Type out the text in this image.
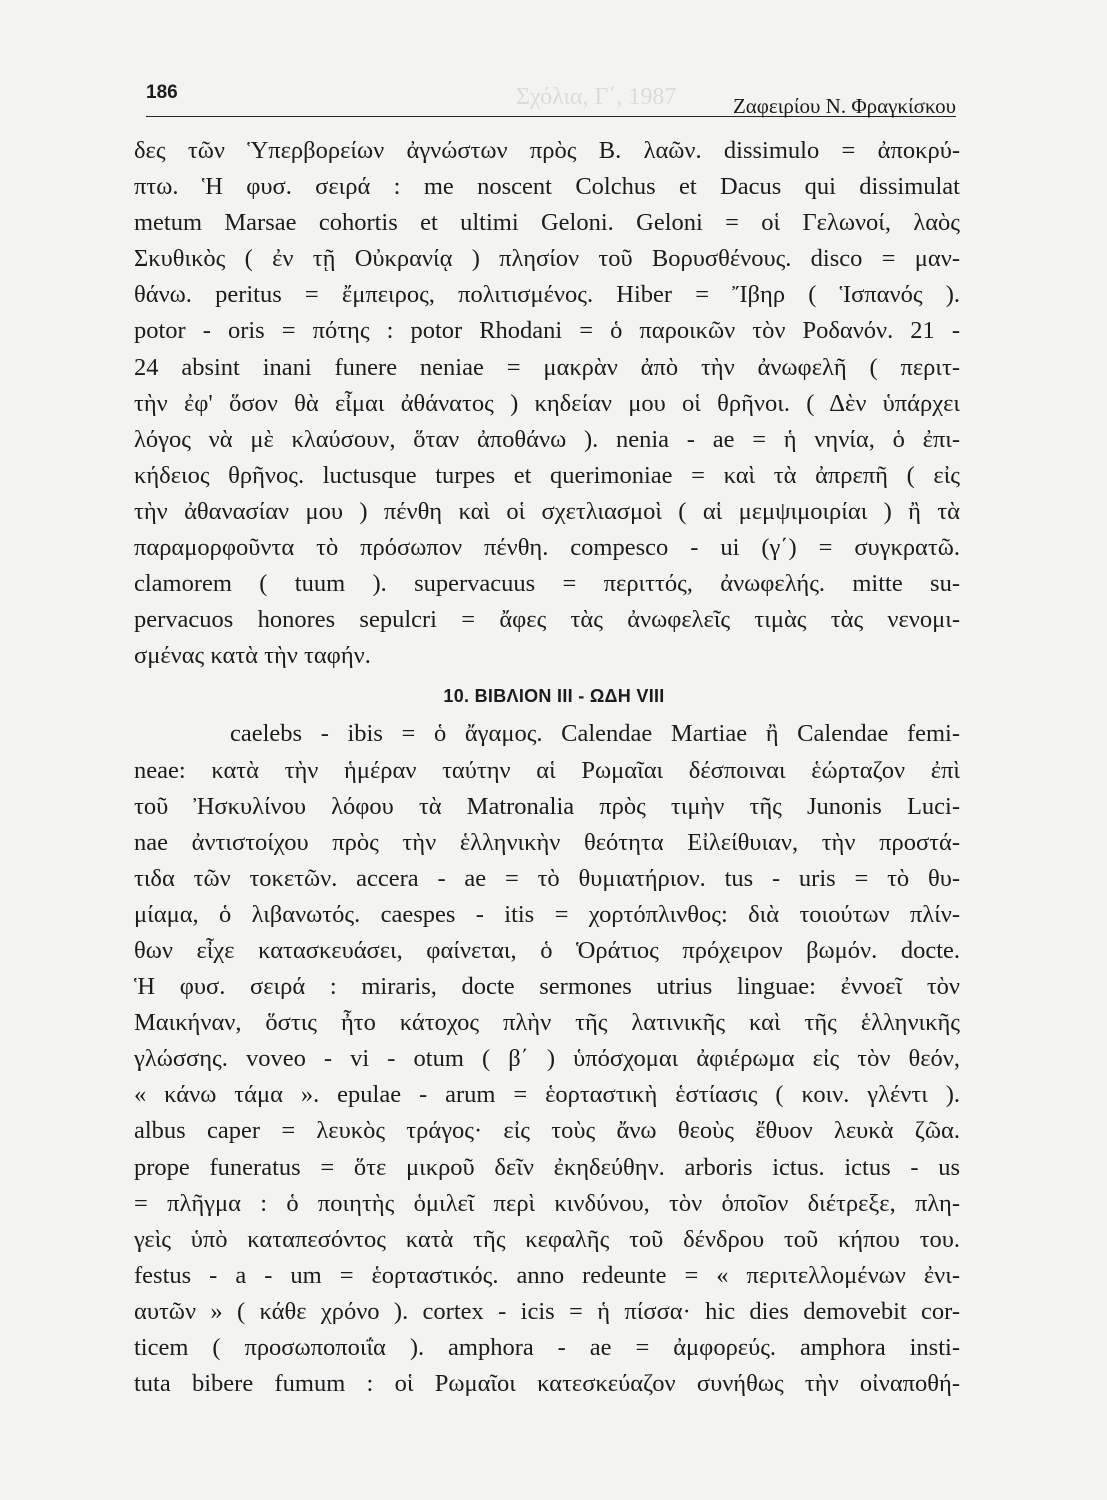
Σχόλια, Γ΄, 1987
186
Ζαφειρίου Ν. Φραγκίσκου
δες τῶν Ὑπερβορείων ἀγνώστων πρὸς Β. λαῶν. dissimulo = ἀποκρύ-
πτω. Ἡ φυσ. σειρά : me noscent Colchus et Dacus qui dissimulat
metum Marsae cohortis et ultimi Geloni. Geloni = οἱ Γελωνοί, λαὸς
Σκυθικὸς ( ἐν τῇ Οὐκρανίᾳ ) πλησίον τοῦ Βορυσθένους. disco = μαν-
θάνω. peritus = ἔμπειρος, πολιτισμένος. Hiber = Ἴβηρ ( Ἱσπανός ).
potor - oris = πότης : potor Rhodani = ὁ παροικῶν τὸν Ροδανόν. 21 -
24 absint inani funere neniae = μακρὰν ἀπὸ τὴν ἀνωφελῆ ( περιτ-
τὴν ἐφ' ὅσον θὰ εἶμαι ἀθάνατος ) κηδείαν μου οἱ θρῆνοι. ( Δὲν ὑπάρχει
λόγος νὰ μὲ κλαύσουν, ὅταν ἀποθάνω ). nenia - ae = ἡ νηνία, ὁ ἐπι-
κήδειος θρῆνος. luctusque turpes et querimoniae = καὶ τὰ ἀπρεπῆ ( εἰς
τὴν ἀθανασίαν μου ) πένθη καὶ οἱ σχετλιασμοὶ ( αἱ μεμψιμοιρίαι ) ἢ τὰ
παραμορφοῦντα τὸ πρόσωπον πένθη. compesco - ui (γ΄) = συγκρατῶ.
clamorem ( tuum ). supervacuus = περιττός, ἀνωφελής. mitte su-
pervacuos honores sepulcri = ἄφες τὰς ἀνωφελεῖς τιμὰς τὰς νενομι-
σμένας κατὰ τὴν ταφήν.
10. ΒΙΒΛΙΟΝ III - ΩΔΗ VIII
caelebs - ibis = ὁ ἄγαμος. Calendae Martiae ἢ Calendae femi-
neae: κατὰ τὴν ἡμέραν ταύτην αἱ Ρωμαῖαι δέσποιναι ἑώρταζον ἐπὶ
τοῦ Ἠσκυλίνου λόφου τὰ Matronalia πρὸς τιμὴν τῆς Junonis Luci-
nae ἀντιστοίχου πρὸς τὴν ἑλληνικὴν θεότητα Εἰλείθυιαν, τὴν προστά-
τιδα τῶν τοκετῶν. accera - ae = τὸ θυμιατήριον. tus - uris = τὸ θυ-
μίαμα, ὁ λιβανωτός. caespes - itis = χορτόπλινθος: διὰ τοιούτων πλίν-
θων εἶχε κατασκευάσει, φαίνεται, ὁ Ὁράτιος πρόχειρον βωμόν. docte.
Ἡ φυσ. σειρά : miraris, docte sermones utrius linguae: ἐννοεῖ τὸν
Μαικήναν, ὅστις ἦτο κάτοχος πλὴν τῆς λατινικῆς καὶ τῆς ἑλληνικῆς
γλώσσης. voveo - vi - otum ( β΄ ) ὑπόσχομαι ἀφιέρωμα εἰς τὸν θεόν,
« κάνω τάμα ». epulae - arum = ἑορταστικὴ ἑστίασις ( κοιν. γλέντι ).
albus caper = λευκὸς τράγος· εἰς τοὺς ἄνω θεοὺς ἔθυον λευκὰ ζῶα.
prope funeratus = ὅτε μικροῦ δεῖν ἐκηδεύθην. arboris ictus. ictus - us
= πλῆγμα : ὁ ποιητὴς ὁμιλεῖ περὶ κινδύνου, τὸν ὁποῖον διέτρεξε, πλη-
γεὶς ὑπὸ καταπεσόντος κατὰ τῆς κεφαλῆς τοῦ δένδρου τοῦ κήπου του.
festus - a - um = ἑορταστικός. anno redeunte = « περιτελλομένων ἐνι-
αυτῶν » ( κάθε χρόνο ). cortex - icis = ἡ πίσσα· hic dies demovebit cor-
ticem ( προσωποποιΐα ). amphora - ae = ἀμφορεύς. amphora insti-
tuta bibere fumum : οἱ Ρωμαῖοι κατεσκεύαζον συνήθως τὴν οἰναποθή-
